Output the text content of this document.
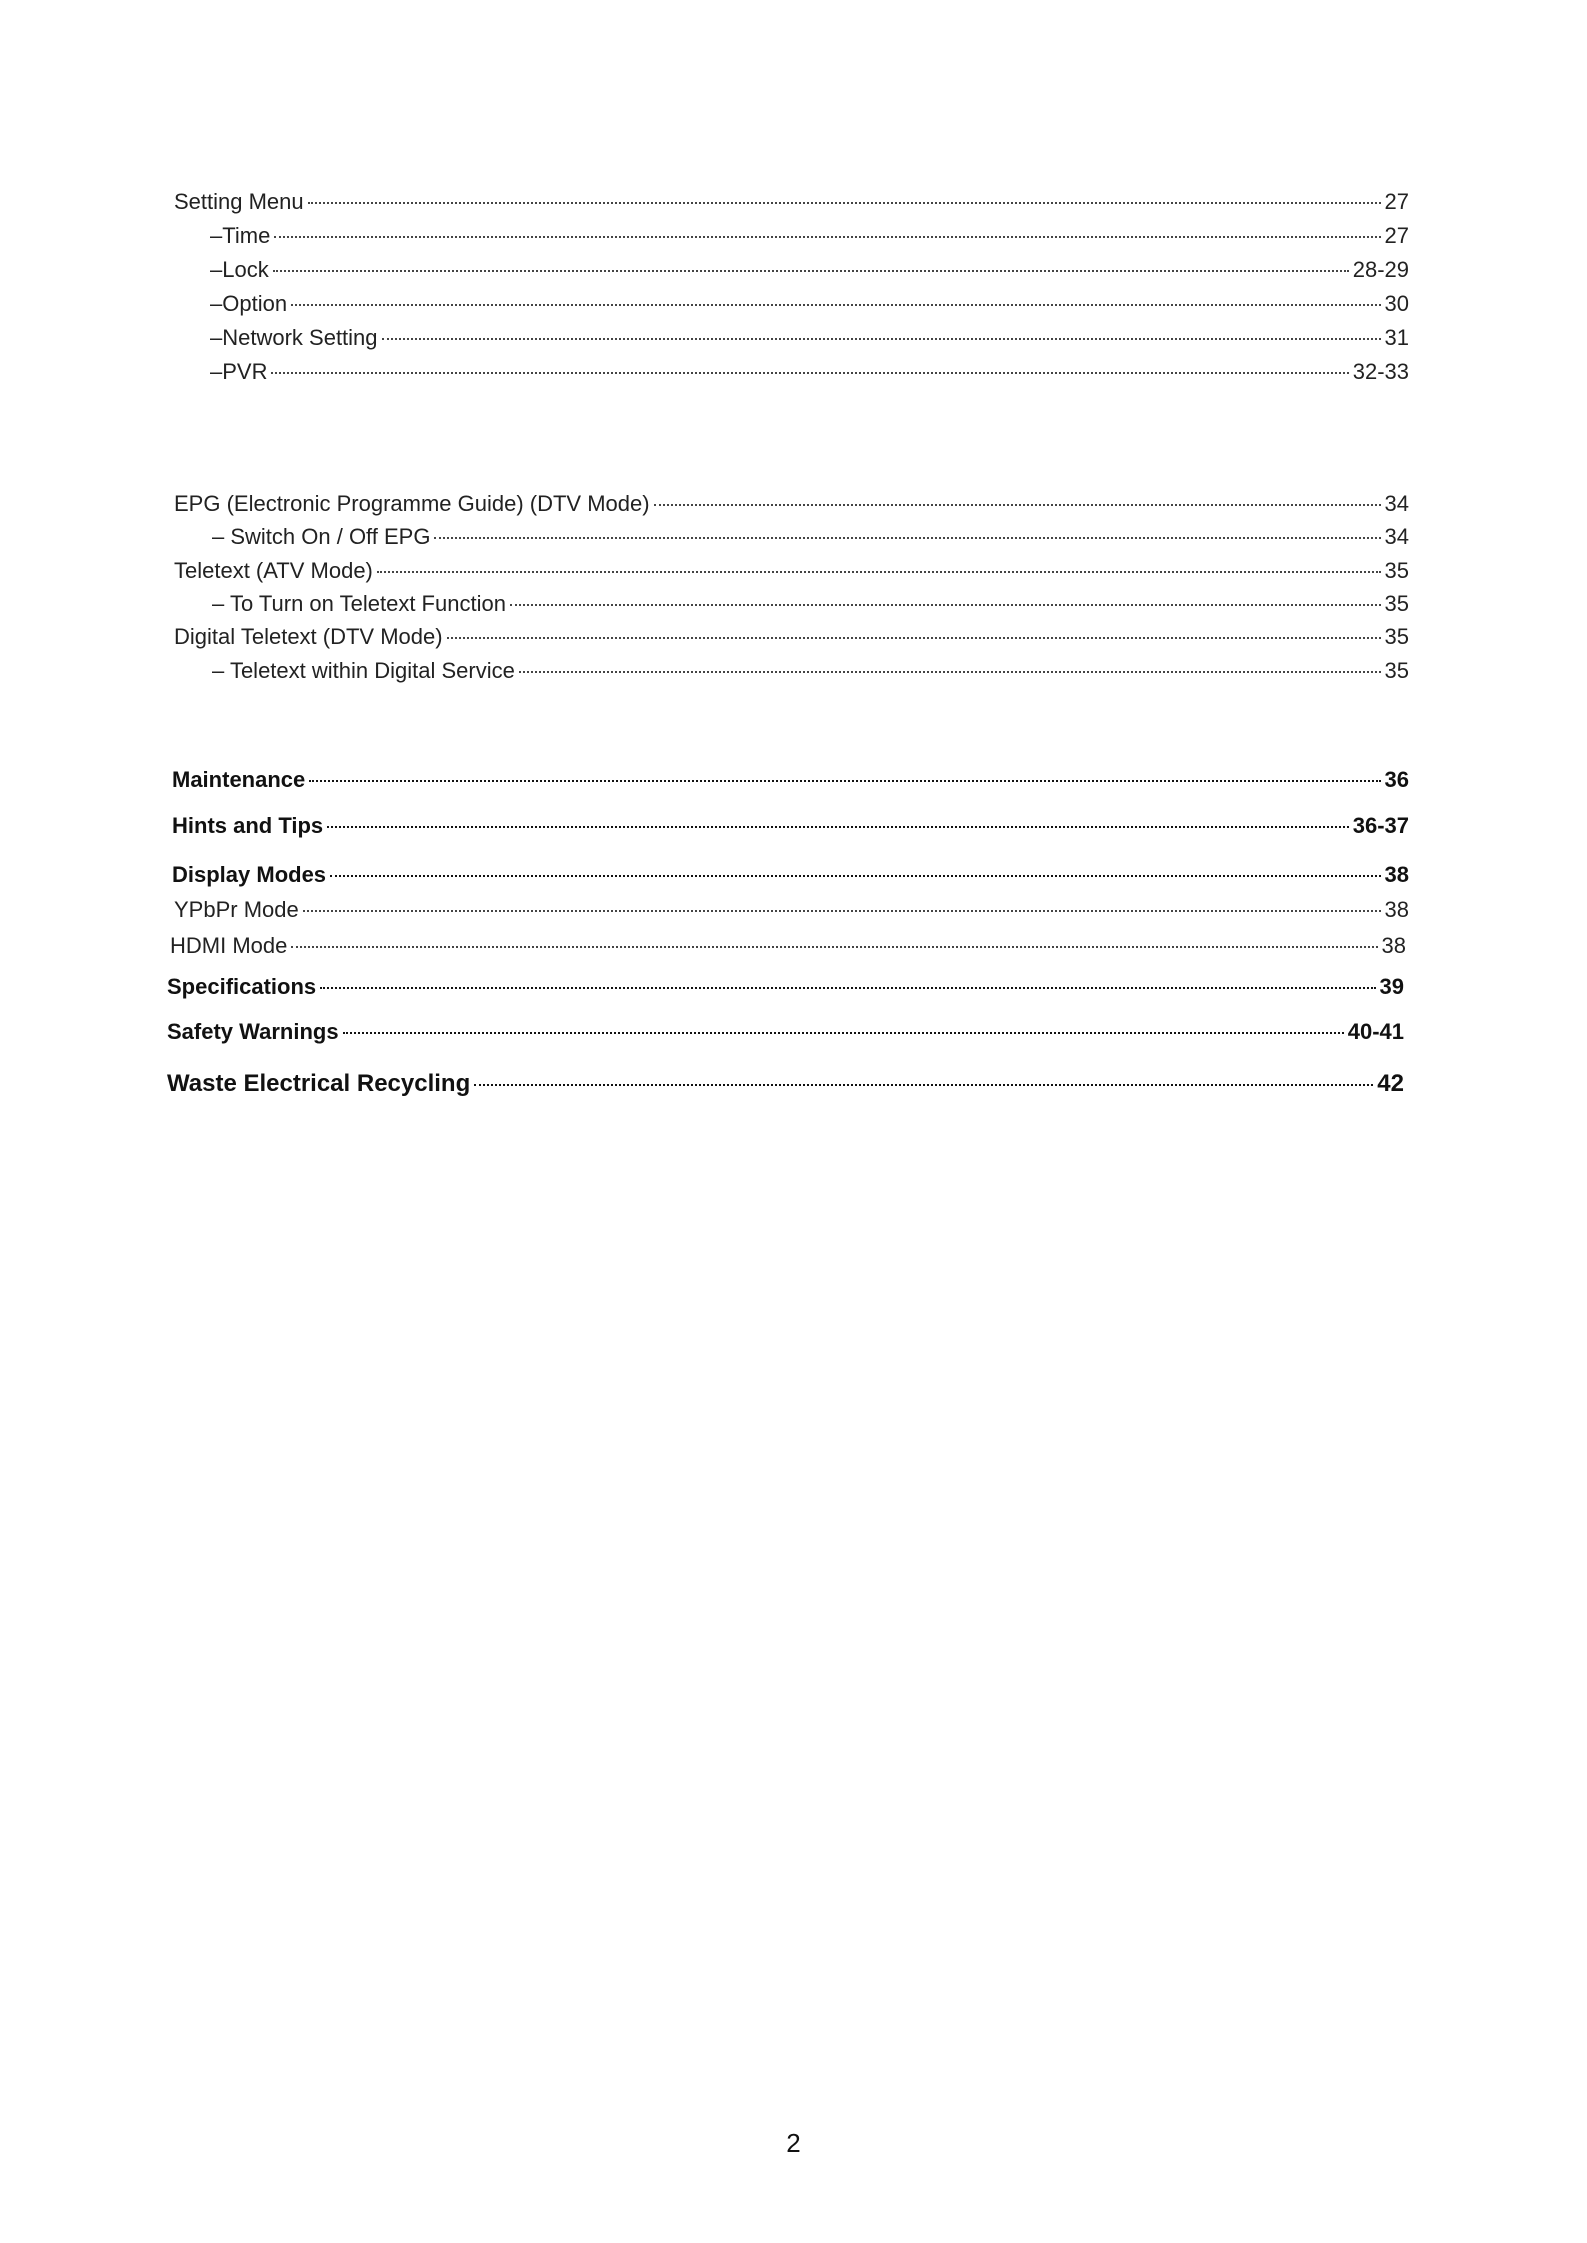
Setting Menu	27
–Time	27
–Lock	28-29
–Option	30
–Network Setting	31
–PVR	32-33
EPG (Electronic Programme Guide) (DTV Mode)	34
– Switch On / Off EPG	34
Teletext (ATV Mode)	35
– To Turn on Teletext Function	35
Digital Teletext (DTV Mode)	35
– Teletext within Digital Service	35
Maintenance	36
Hints and Tips	36-37
Display Modes	38
YPbPr Mode	38
HDMI Mode	38
Specifications	39
Safety Warnings	40-41
Waste Electrical Recycling	42
2
